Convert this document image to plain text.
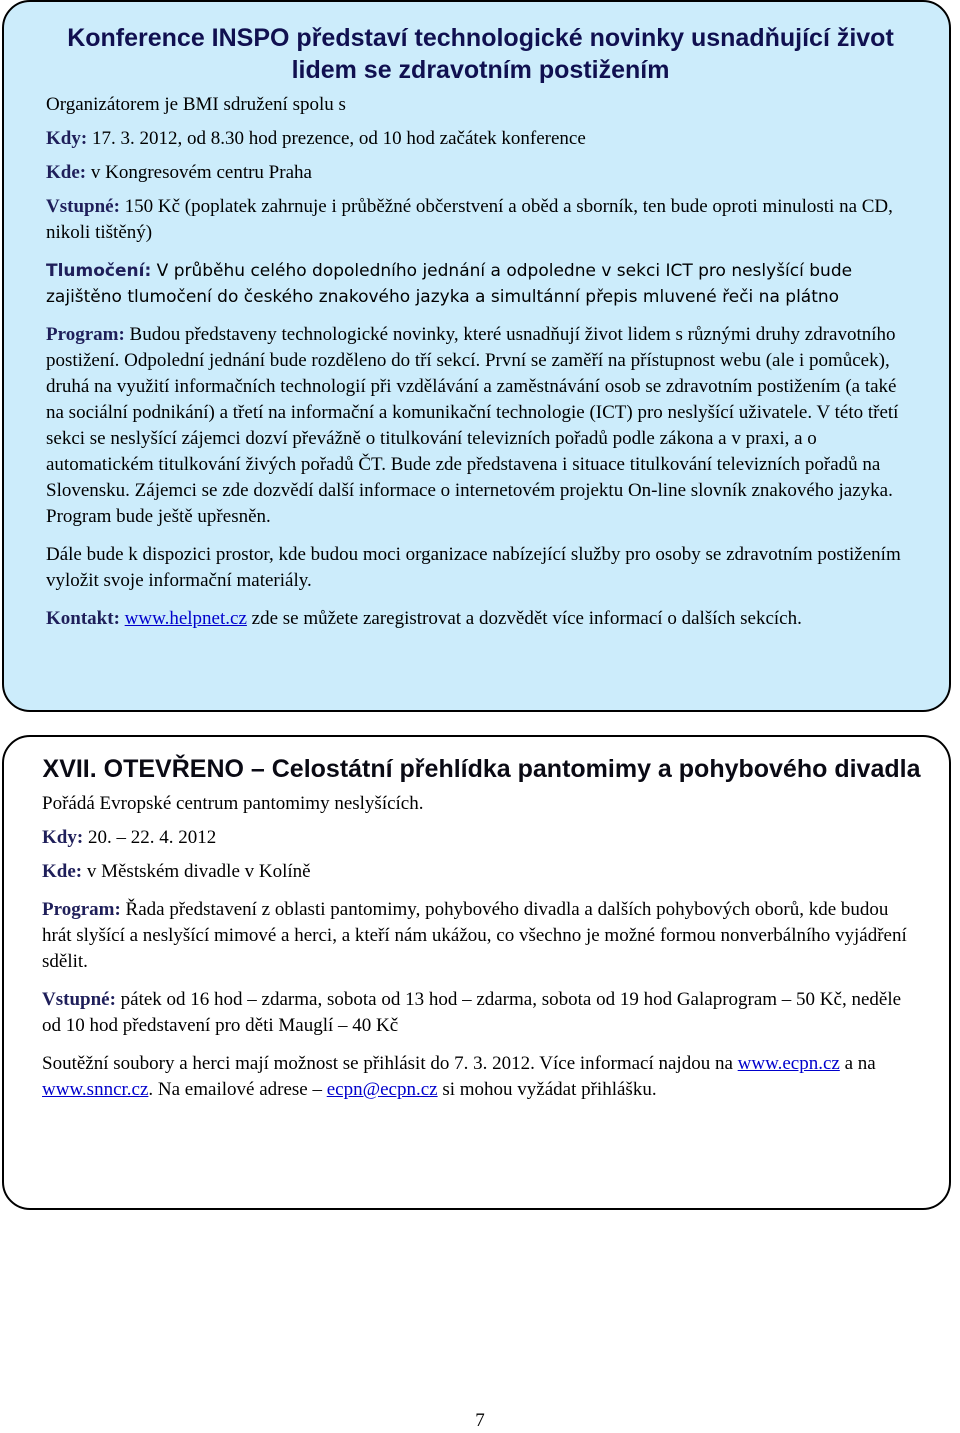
Konference INSPO představí technologické novinky usnadňující život lidem se zdravotním postižením

Organizátorem je BMI sdružení spolu s

Kdy: 17. 3. 2012, od 8.30 hod prezence, od 10 hod začátek konference

Kde: v Kongresovém centru Praha

Vstupné: 150 Kč (poplatek zahrnuje i průběžné občerstvení a oběd a sborník, ten bude oproti minulosti na CD, nikoli tištěný)

Tlumočení: V průběhu celého dopoledního jednání a odpoledne v sekci ICT pro neslyšící bude zajištěno tlumočení do českého znakového jazyka a simultánní přepis mluvené řeči na plátno

Program: Budou představeny technologické novinky, které usnadňují život lidem s různými druhy zdravotního postižení. Odpolední jednání bude rozděleno do tří sekcí. První se zaměří na přístupnost webu (ale i pomůcek), druhá na využití informačních technologií při vzdělávání a zaměstnávání osob se zdravotním postižením (a také na sociální podnikání) a třetí na informační a komunikační technologie (ICT) pro neslyšící uživatele. V této třetí sekci se neslyšící zájemci dozví převážně o titulkování televizních pořadů podle zákona a v praxi, a o automatickém titulkování živých pořadů ČT. Bude zde představena i situace titulkování televizních pořadů na Slovensku. Zájemci se zde dozvědí další informace o internetovém projektu On-line slovník znakového jazyka. Program bude ještě upřesněn.

Dále bude k dispozici prostor, kde budou moci organizace nabízející služby pro osoby se zdravotním postižením vyložit svoje informační materiály.

Kontakt: www.helpnet.cz zde se můžete zaregistrovat a dozvědět více informací o dalších sekcích.

XVII. OTEVŘENO – Celostátní přehlídka pantomimy a pohybového divadla

Pořádá Evropské centrum pantomimy neslyšících.

Kdy: 20. – 22. 4. 2012

Kde: v Městském divadle v Kolíně

Program: Řada představení z oblasti pantomimy, pohybového divadla a dalších pohybových oborů, kde budou hrát slyšící a neslyšící mimové a herci, a kteří nám ukážou, co všechno je možné formou nonverbálního vyjádření sdělit.

Vstupné: pátek od 16 hod – zdarma, sobota od 13 hod – zdarma, sobota od 19 hod Galaprogram – 50 Kč, neděle od 10 hod představení pro děti Mauglí – 40 Kč

Soutěžní soubory a herci mají možnost se přihlásit do 7. 3. 2012. Více informací najdou na www.ecpn.cz a na www.snncr.cz. Na emailové adrese – ecpn@ecpn.cz si mohou vyžádat přihlášku.

7
